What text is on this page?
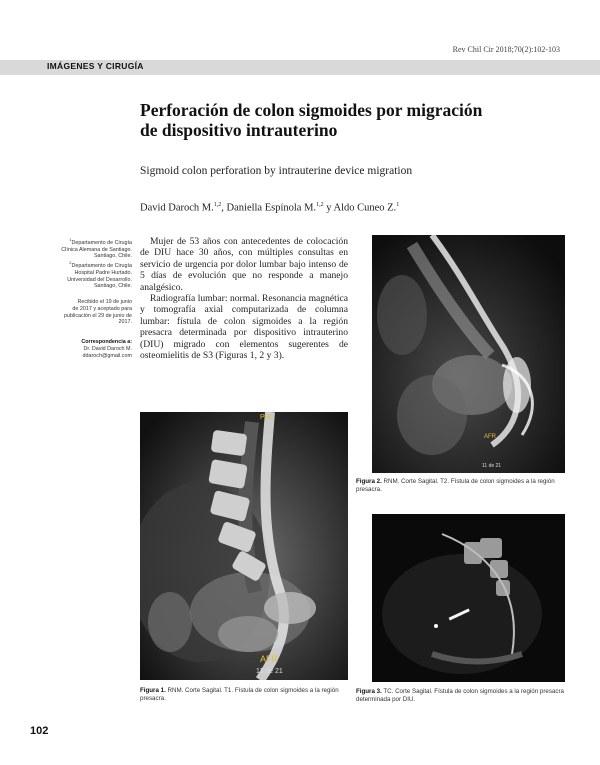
Rev Chil Cir 2018;70(2):102-103
IMÁGENES Y CIRUGÍA
Perforación de colon sigmoides por migración
de dispositivo intrauterino
Sigmoid colon perforation by intrauterine device migration
David Daroch M.$^{1,2}$, Daniella Espínola M.$^{1,2}$ y Aldo Cuneo Z.$^1$
$^1$Departamento de Cirugía
Clínica Alemana de Santiago.
Santiago, Chile.
$^2$Departamento de Cirugía
Hospital Padre Hurtado.
Universidad del Desarrollo.
Santiago, Chile.
Recibido el 19 de junio
de 2017 y aceptado para
publicación el 29 de junio de
2017.
Correspondencia a:
Dr. David Daroch M.
ddaroch@gmail.com

Mujer de 53 años con antecedentes de colocación de DIU hace 30 años, con múltiples consultas en servicio de urgencia por dolor lumbar bajo intenso de 5 días de evolución que no responde a manejo analgésico.

Radiografía lumbar: normal. Resonancia magnética y tomografía axial computarizada de columna lumbar: fístula de colon sigmoides a la región presacra determinada por dispositivo intrauterino (DIU) migrado con elementos sugerentes de osteomielitis de S3 (Figuras 1, 2 y 3).

PHL
AFR
11 de 21
Figura 1. RNM. Corte Sagital. T1. Fístula de colon sigmoides a la región presacra.
AFR
11 de 21
Figura 2. RNM. Corte Sagital. T2. Fístula de colon sigmoides a la región presacra.
Figura 3. TC. Corte Sagital. Fístula de colon sigmoides a la región presacra determinada por DIU.
102
